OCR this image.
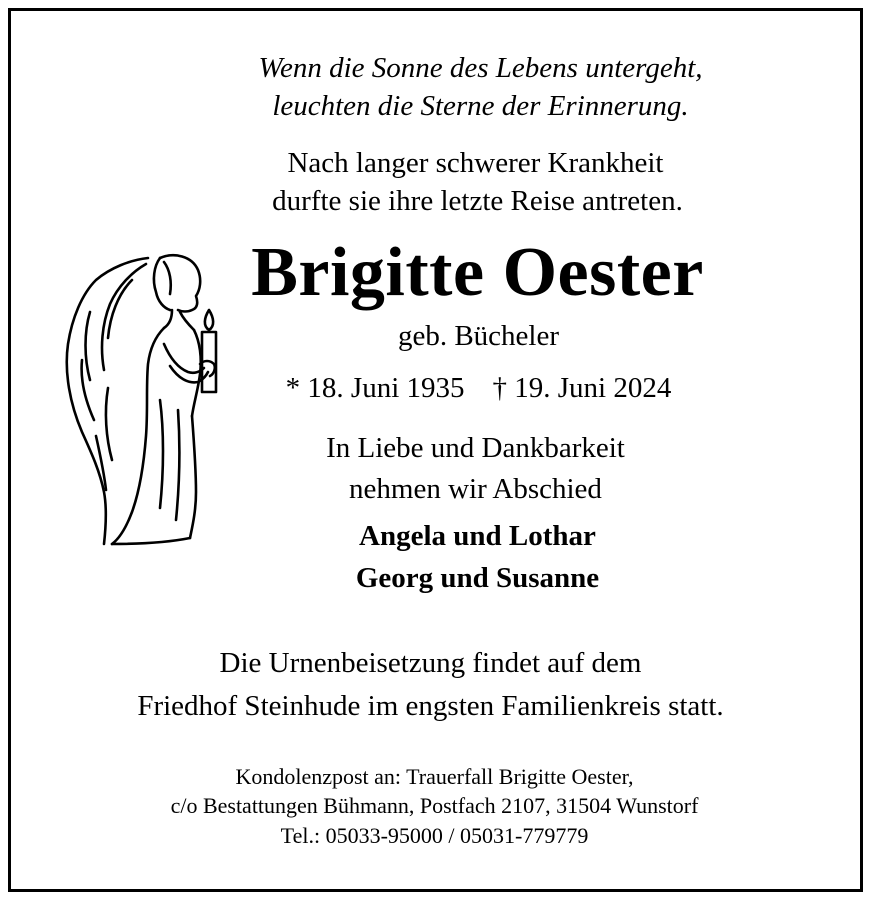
Wenn die Sonne des Lebens untergeht,
leuchten die Sterne der Erinnerung.
Nach langer schwerer Krankheit
durfte sie ihre letzte Reise antreten.
Brigitte Oester
geb. Bücheler
* 18. Juni 1935 † 19. Juni 2024
In Liebe und Dankbarkeit
nehmen wir Abschied
Angela und Lothar
Georg und Susanne
Die Urnenbeisetzung findet auf dem
Friedhof Steinhude im engsten Familienkreis statt.
Kondolenzpost an: Trauerfall Brigitte Oester,
c/o Bestattungen Bühmann, Postfach 2107, 31504 Wunstorf
Tel.: 05033-95000 / 05031-779779
